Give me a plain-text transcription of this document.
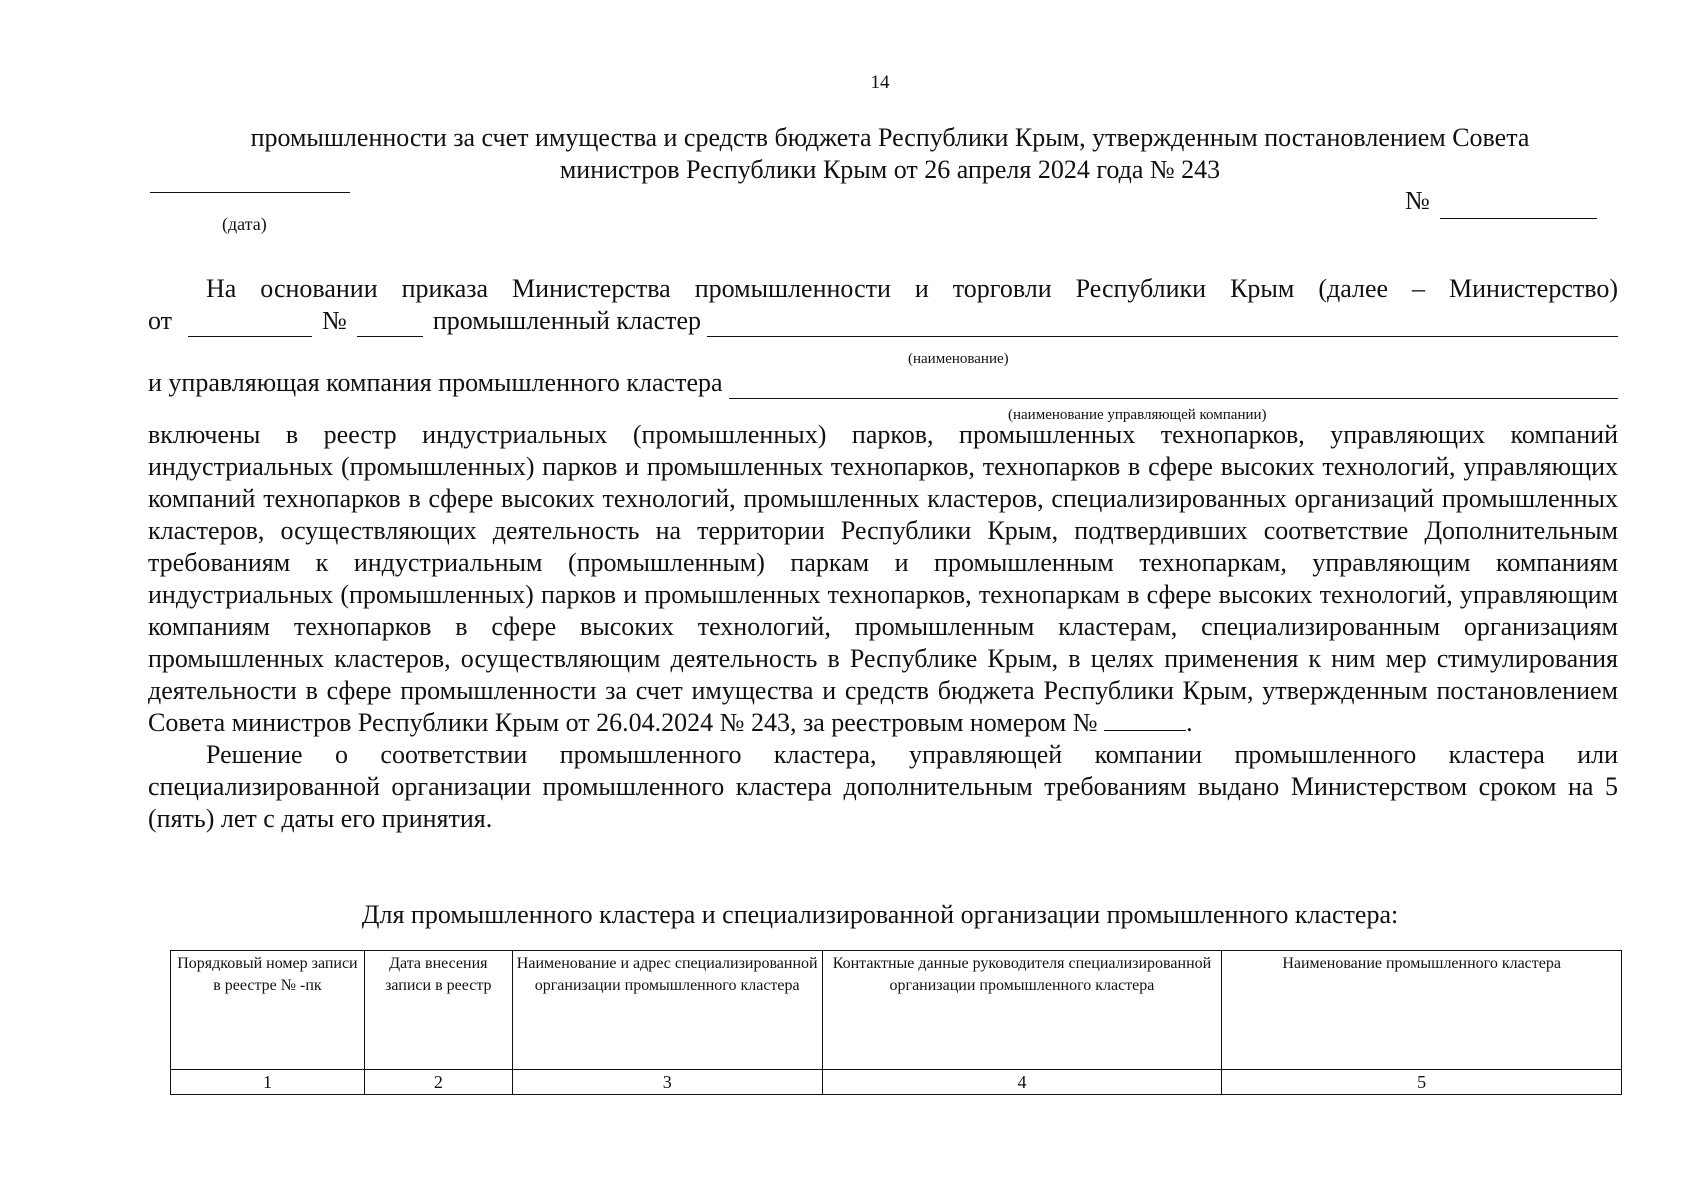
14
промышленности за счет имущества и средств бюджета Республики Крым, утвержденным постановлением Совета
министров Республики Крым от 26 апреля 2024 года № 243
(дата)
№

На основании приказа Министерства промышленности и торговли Республики Крым (далее – Министерство)

от	№	промышленный кластер
(наименование)
и управляющая компания промышленного кластера
(наименование управляющей компании)

включены в реестр индустриальных (промышленных) парков, промышленных технопарков, управляющих компаний индустриальных (промышленных) парков и промышленных технопарков, технопарков в сфере высоких технологий, управляющих компаний технопарков в сфере высоких технологий, промышленных кластеров, специализированных организаций промышленных кластеров, осуществляющих деятельность на территории Республики Крым, подтвердивших соответствие Дополнительным требованиям к индустриальным (промышленным) паркам и промышленным технопаркам, управляющим компаниям индустриальных (промышленных) парков и промышленных технопарков, технопаркам в сфере высоких технологий, управляющим компаниям технопарков в сфере высоких технологий, промышленным кластерам, специализированным организациям промышленных кластеров, осуществляющим деятельность в Республике Крым, в целях применения к ним мер стимулирования деятельности в сфере промышленности за счет имущества и средств бюджета Республики Крым, утвержденным постановлением Совета министров Республики Крым от 26.04.2024 № 243, за реестровым номером №	.

Решение о соответствии промышленного кластера, управляющей компании промышленного кластера или специализированной организации промышленного кластера дополнительным требованиям выдано Министерством сроком на 5 (пять) лет с даты его принятия.

Для промышленного кластера и специализированной организации промышленного кластера:
Порядковый номер записи в реестре № -пк	Дата внесения записи в реестр	Наименование и адрес специализированной организации промышленного кластера	Контактные данные руководителя специализированной организации промышленного кластера	Наименование промышленного кластера
1	2	3	4	5
